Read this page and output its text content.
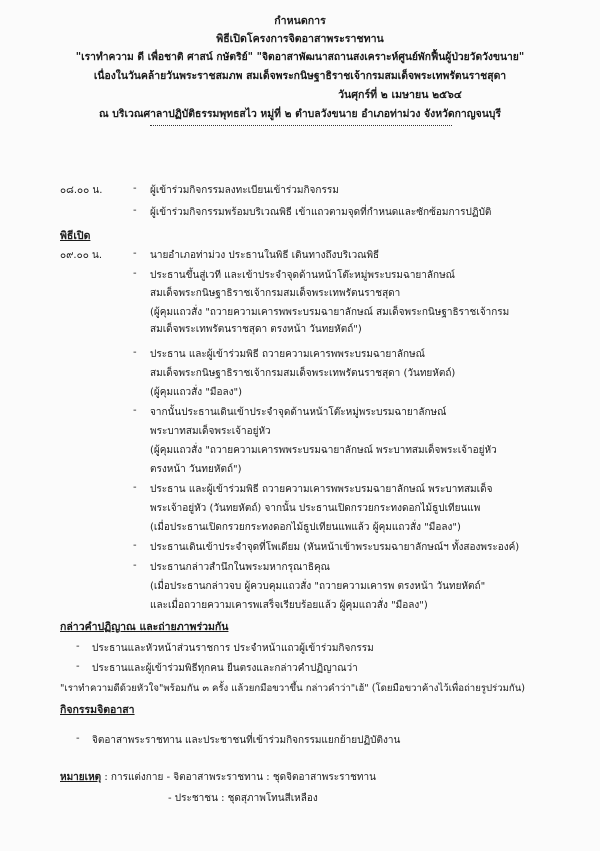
กำหนดการ
พิธีเปิดโครงการจิตอาสาพระราชทาน
"เราทำความ ดี เพื่อชาติ ศาสน์ กษัตริย์" "จิตอาสาพัฒนาสถานสงเคราะห์ศูนย์พักฟื้นผู้ป่วยวัดวังขนาย"
เนื่องในวันคล้ายวันพระราชสมภพ สมเด็จพระกนิษฐาธิราชเจ้ากรมสมเด็จพระเทพรัตนราชสุดา
วันศุกร์ที่ ๒ เมษายน ๒๕๖๔
ณ บริเวณศาลาปฏิบัติธรรมพุทธสไว หมู่ที่ ๒ ตำบลวังขนาย อำเภอท่าม่วง จังหวัดกาญจนบุรี
๐๘.๐๐ น.	- ผู้เข้าร่วมกิจกรรมลงทะเบียนเข้าร่วมกิจกรรม
- ผู้เข้าร่วมกิจกรรมพร้อมบริเวณพิธี เข้าแถวตามจุดที่กำหนดและซักซ้อมการปฏิบัติ
พิธีเปิด
๐๙.๐๐ น.	- นายอำเภอท่าม่วง ประธานในพิธี เดินทางถึงบริเวณพิธี
- ประธานขึ้นสู่เวที และเข้าประจำจุดด้านหน้าโต๊ะหมู่พระบรมฉายาลักษณ์
สมเด็จพระกนิษฐาธิราชเจ้ากรมสมเด็จพระเทพรัตนราชสุดา
(ผู้คุมแถวสั่ง "ถวายความเคารพพระบรมฉายาลักษณ์ สมเด็จพระกนิษฐาธิราชเจ้ากรม
สมเด็จพระเทพรัตนราชสุดา ตรงหน้า วันทยหัตถ์")
- ประธาน และผู้เข้าร่วมพิธี ถวายความเคารพพระบรมฉายาลักษณ์
สมเด็จพระกนิษฐาธิราชเจ้ากรมสมเด็จพระเทพรัตนราชสุดา (วันทยหัตถ์)
(ผู้คุมแถวสั่ง "มือลง")
- จากนั้นประธานเดินเข้าประจำจุดด้านหน้าโต๊ะหมู่พระบรมฉายาลักษณ์
พระบาทสมเด็จพระเจ้าอยู่หัว
(ผู้คุมแถวสั่ง "ถวายความเคารพพระบรมฉายาลักษณ์ พระบาทสมเด็จพระเจ้าอยู่หัว
ตรงหน้า วันทยหัตถ์")
- ประธาน และผู้เข้าร่วมพิธี ถวายความเคารพพระบรมฉายาลักษณ์ พระบาทสมเด็จ
พระเจ้าอยู่หัว (วันทยหัตถ์) จากนั้น ประธานเปิดกรวยกระทงดอกไม้ธูปเทียนแพ
(เมื่อประธานเปิดกรวยกระทงดอกไม้ธูปเทียนแพแล้ว ผู้คุมแถวสั่ง "มือลง")
- ประธานเดินเข้าประจำจุดที่โพเดียม (หันหน้าเข้าพระบรมฉายาลักษณ์ฯ ทั้งสองพระองค์)
- ประธานกล่าวสำนึกในพระมหากรุณาธิคุณ
(เมื่อประธานกล่าวจบ ผู้ควบคุมแถวสั่ง "ถวายความเคารพ ตรงหน้า วันทยหัตถ์"
และเมื่อถวายความเคารพเสร็จเรียบร้อยแล้ว ผู้คุมแถวสั่ง "มือลง")
กล่าวคำปฏิญาณ และถ่ายภาพร่วมกัน
- ประธานและหัวหน้าส่วนราชการ ประจำหน้าแถวผู้เข้าร่วมกิจกรรม
- ประธานและผู้เข้าร่วมพิธีทุกคน ยืนตรงและกล่าวคำปฏิญาณว่า
"เราทำความดีด้วยหัวใจ"พร้อมกัน ๓ ครั้ง แล้วยกมือขวาขึ้น กล่าวคำว่า"เฮ้" (โดยมือขวาค้างไว้เพื่อถ่ายรูปร่วมกัน)
กิจกรรมจิตอาสา
- จิตอาสาพระราชทาน และประชาชนที่เข้าร่วมกิจกรรมแยกย้ายปฏิบัติงาน
หมายเหตุ : การแต่งกาย - จิตอาสาพระราชทาน : ชุดจิตอาสาพระราชทาน
- ประชาชน : ชุดสุภาพโทนสีเหลือง
